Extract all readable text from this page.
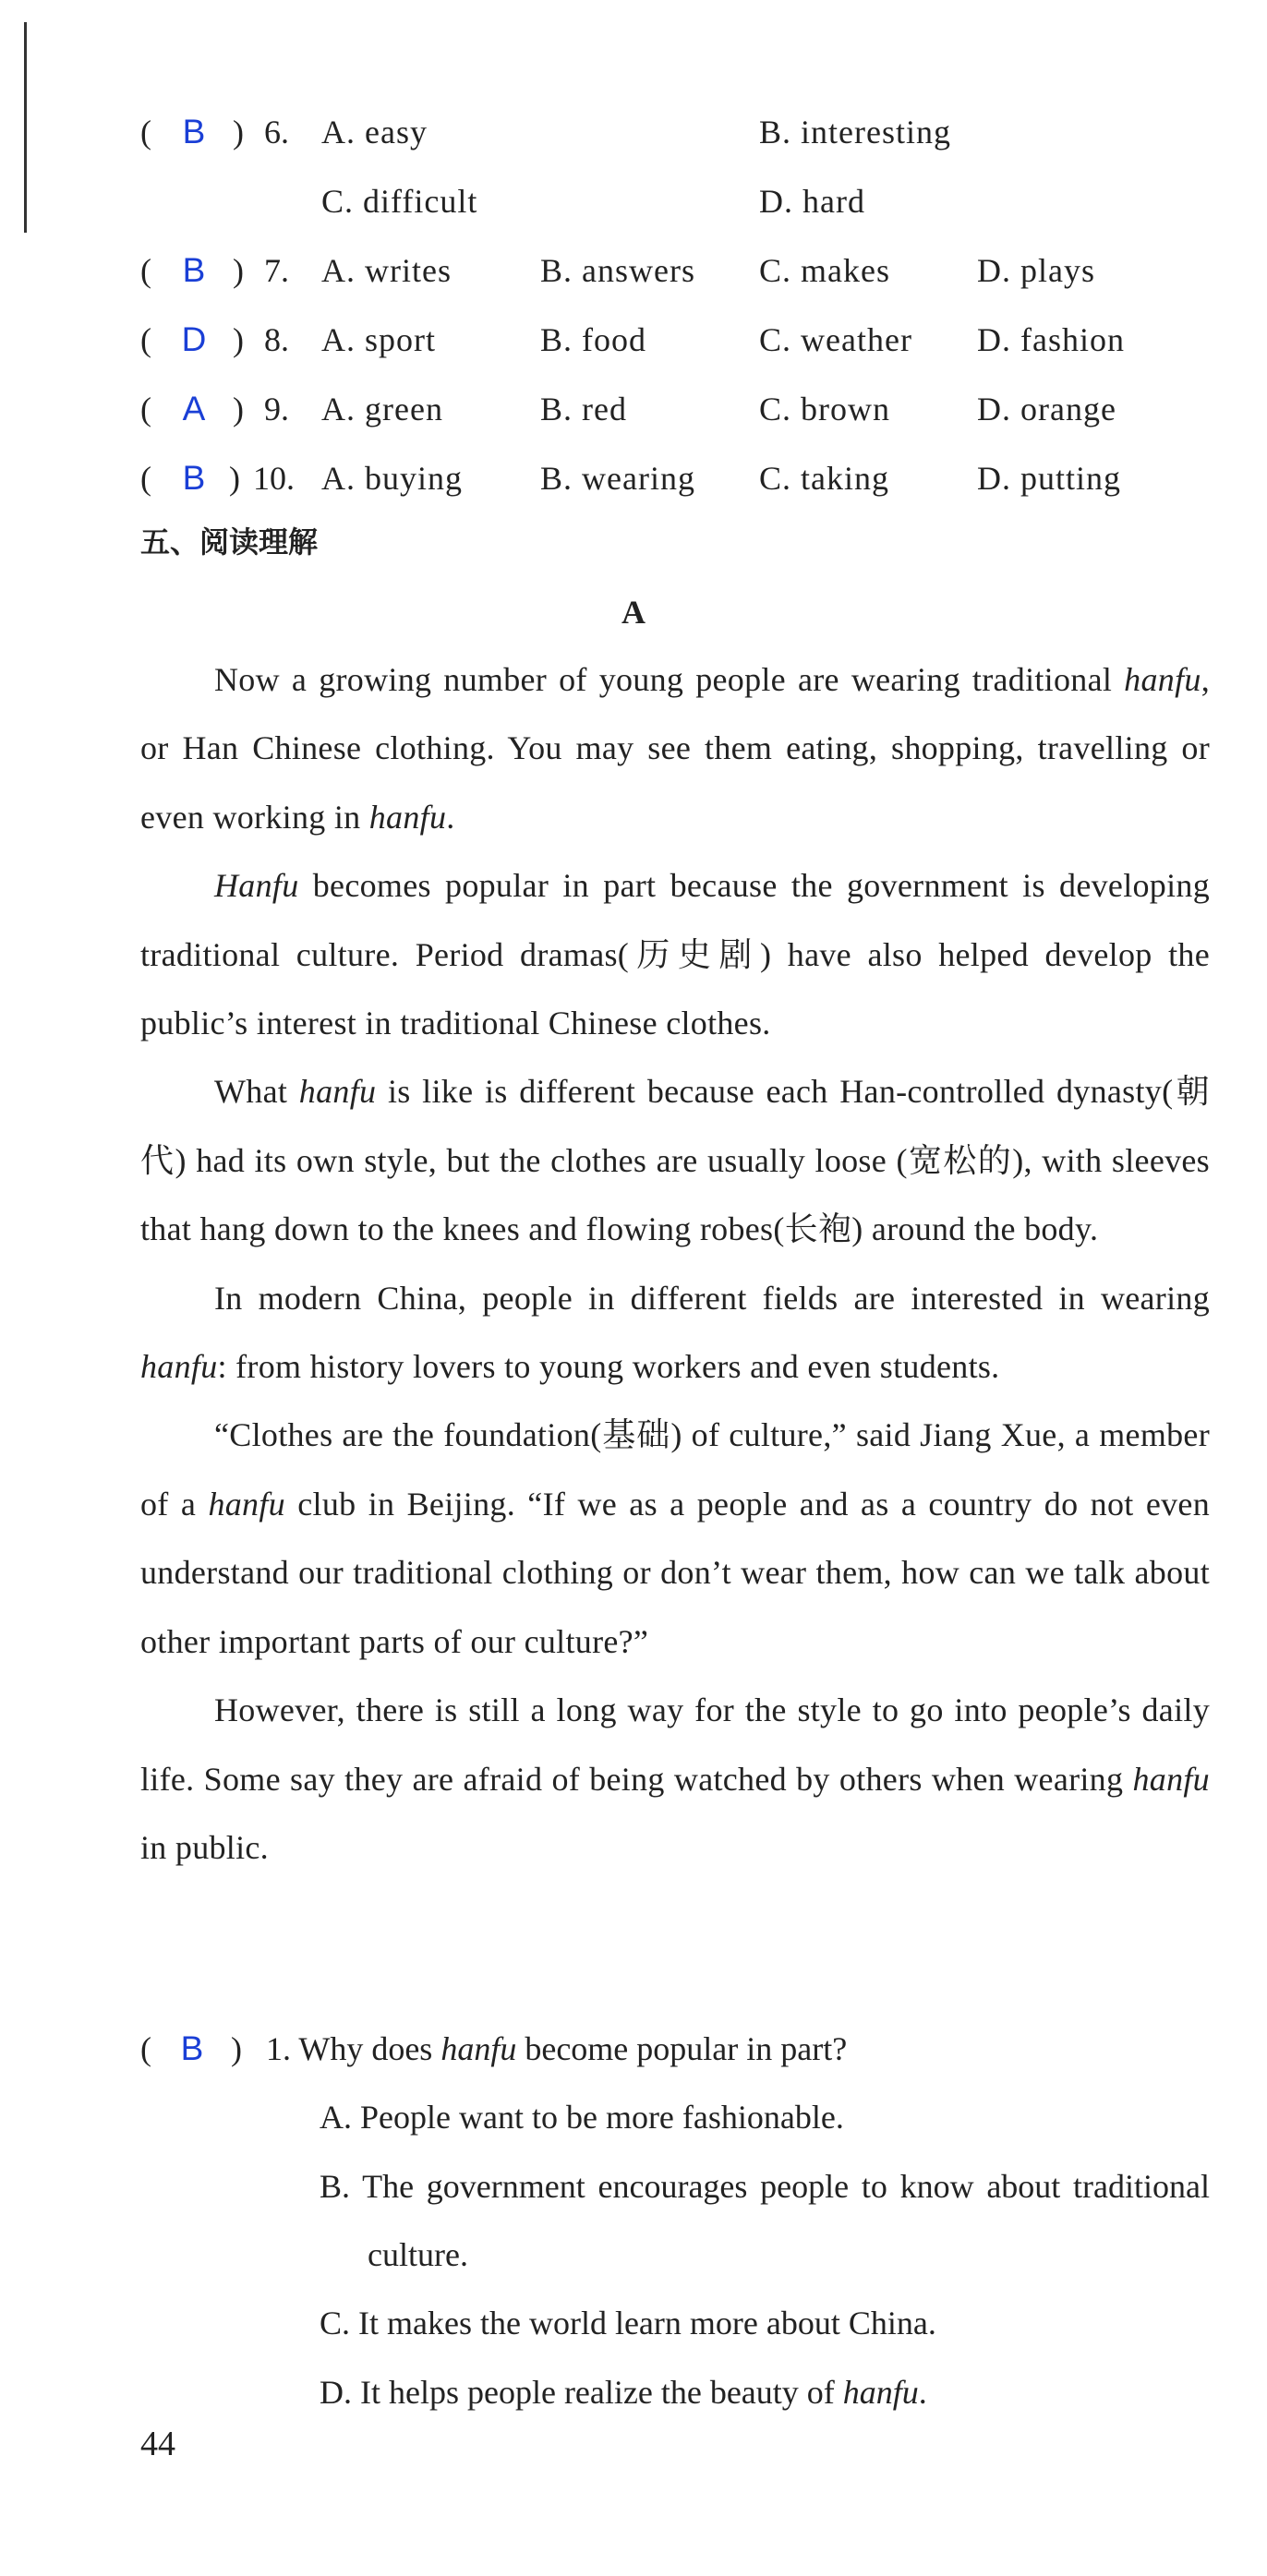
( B ) 6. A. easy	B. interesting
C. difficult	D. hard
( B ) 7. A. writes	B. answers C. makes	D. plays
( D ) 8. A. sport	B. food	C. weather D. fashion
( A ) 9. A. green	B. red	C. brown	D. orange
( B ) 10. A. buying B. wearing C. taking	D. putting
五、阅读理解
A

Now a growing number of young people are wearing traditional hanfu, or Han Chinese clothing. You may see them eating, shopping, travelling or even working in hanfu.

Hanfu becomes popular in part because the government is developing traditional culture. Period dramas(历史剧) have also helped develop the public’s interest in traditional Chinese clothes.

What hanfu is like is different because each Han-controlled dynasty(朝代) had its own style, but the clothes are usually loose (宽松的), with sleeves that hang down to the knees and flowing robes(长袍) around the body.

In modern China, people in different fields are interested in wearing hanfu: from history lovers to young workers and even students.

“Clothes are the foundation(基础) of culture,” said Jiang Xue, a member of a hanfu club in Beijing. “If we as a people and as a country do not even understand our traditional clothing or don’t wear them, how can we talk about other important parts of our culture?”

However, there is still a long way for the style to go into people’s daily life. Some say they are afraid of being watched by others when wearing hanfu in public.

( B ) 1. Why does hanfu become popular in part?
A. People want to be more fashionable.
B. The government encourages people to know about traditional culture.
C. It makes the world learn more about China.
D. It helps people realize the beauty of hanfu.
44
